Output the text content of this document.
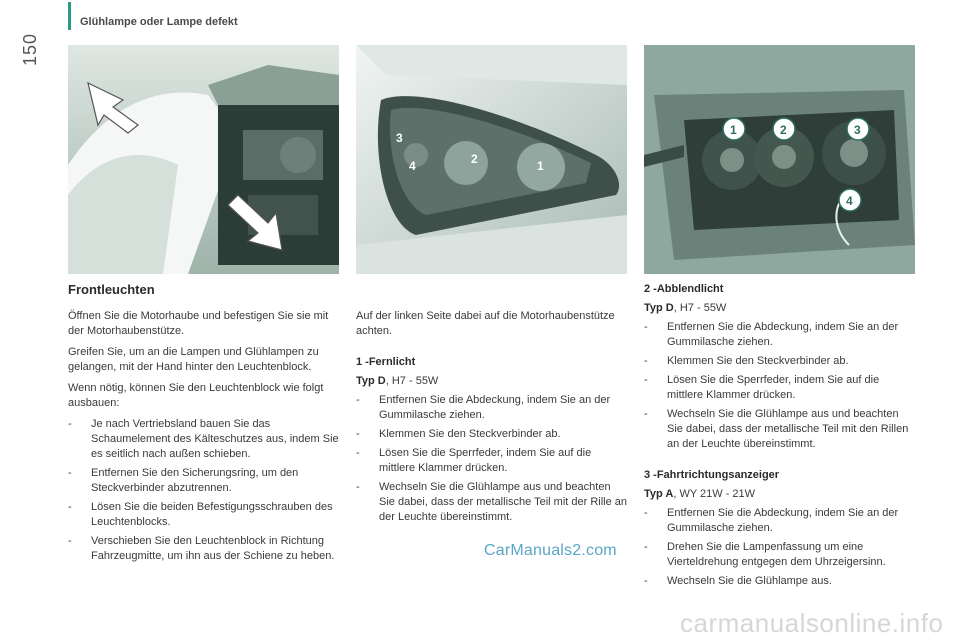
Glühlampe oder Lampe defekt
150
3
4	2	1
1	2	3
4
Frontleuchten

Öffnen Sie die Motorhaube und befestigen Sie sie mit der Motorhaubenstütze.

Greifen Sie, um an die Lampen und Glühlampen zu gelangen, mit der Hand hinter den Leuchtenblock.

Wenn nötig, können Sie den Leuchtenblock wie folgt ausbauen:

- Je nach Vertriebsland bauen Sie das Schaumelement des Kälteschutzes aus, indem Sie es seitlich nach außen schieben.
- Entfernen Sie den Sicherungsring, um den Steckverbinder abzutrennen.
- Lösen Sie die beiden Befestigungsschrauben des Leuchtenblocks.
- Verschieben Sie den Leuchtenblock in Richtung Fahrzeugmitte, um ihn aus der Schiene zu heben.

Auf der linken Seite dabei auf die Motorhaubenstütze achten.

1 -Fernlicht
Typ D, H7 - 55W
- Entfernen Sie die Abdeckung, indem Sie an der Gummilasche ziehen.
- Klemmen Sie den Steckverbinder ab.
- Lösen Sie die Sperrfeder, indem Sie auf die mittlere Klammer drücken.
- Wechseln Sie die Glühlampe aus und beachten Sie dabei, dass der metallische Teil mit der Rille an der Leuchte übereinstimmt.
2 -Abblendlicht
Typ D, H7 - 55W
- Entfernen Sie die Abdeckung, indem Sie an der Gummilasche ziehen.
- Klemmen Sie den Steckverbinder ab.
- Lösen Sie die Sperrfeder, indem Sie auf die mittlere Klammer drücken.
- Wechseln Sie die Glühlampe aus und beachten Sie dabei, dass der metallische Teil mit den Rillen an der Leuchte übereinstimmt.
3 -Fahrtrichtungsanzeiger
Typ A, WY 21W - 21W
- Entfernen Sie die Abdeckung, indem Sie an der Gummilasche ziehen.
- Drehen Sie die Lampenfassung um eine Vierteldrehung entgegen dem Uhrzeigersinn.
- Wechseln Sie die Glühlampe aus.
CarManuals2.com
carmanualsonline.info
